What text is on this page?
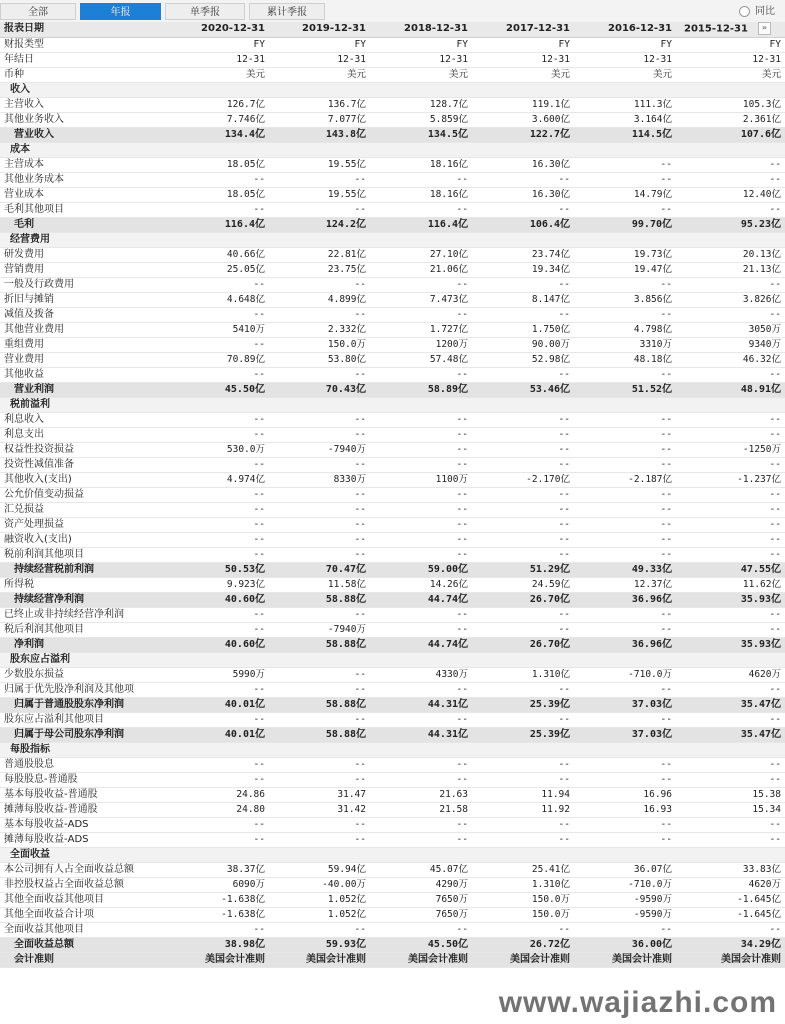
全部	年报	单季报	累计季报	同比
报表日期	2020-12-31	2019-12-31	2018-12-31	2017-12-31	2016-12-31	2015-12-31 »
财报类型	FY	FY	FY	FY	FY	FY
年结日	12-31	12-31	12-31	12-31	12-31	12-31
币种	美元	美元	美元	美元	美元	美元
收入						
主营收入	126.7亿	136.7亿	128.7亿	119.1亿	111.3亿	105.3亿
其他业务收入	7.746亿	7.077亿	5.859亿	3.600亿	3.164亿	2.361亿
营业收入	134.4亿	143.8亿	134.5亿	122.7亿	114.5亿	107.6亿
成本						
主营成本	18.05亿	19.55亿	18.16亿	16.30亿	--	--
其他业务成本	--	--	--	--	--	--
营业成本	18.05亿	19.55亿	18.16亿	16.30亿	14.79亿	12.40亿
毛利其他项目	--	--	--	--	--	--
毛利	116.4亿	124.2亿	116.4亿	106.4亿	99.70亿	95.23亿
经营费用						
研发费用	40.66亿	22.81亿	27.10亿	23.74亿	19.73亿	20.13亿
营销费用	25.05亿	23.75亿	21.06亿	19.34亿	19.47亿	21.13亿
一般及行政费用	--	--	--	--	--	--
折旧与摊销	4.648亿	4.899亿	7.473亿	8.147亿	3.856亿	3.826亿
减值及拨备	--	--	--	--	--	--
其他营业费用	5410万	2.332亿	1.727亿	1.750亿	4.798亿	3050万
重组费用	--	150.0万	1200万	90.00万	3310万	9340万
营业费用	70.89亿	53.80亿	57.48亿	52.98亿	48.18亿	46.32亿
其他收益	--	--	--	--	--	--
营业利润	45.50亿	70.43亿	58.89亿	53.46亿	51.52亿	48.91亿
税前溢利						
利息收入	--	--	--	--	--	--
利息支出	--	--	--	--	--	--
权益性投资损益	530.0万	-7940万	--	--	--	-1250万
投资性减值准备	--	--	--	--	--	--
其他收入(支出)	4.974亿	8330万	1100万	-2.170亿	-2.187亿	-1.237亿
公允价值变动损益	--	--	--	--	--	--
汇兑损益	--	--	--	--	--	--
资产处理损益	--	--	--	--	--	--
融资收入(支出)	--	--	--	--	--	--
税前利润其他项目	--	--	--	--	--	--
持续经营税前利润	50.53亿	70.47亿	59.00亿	51.29亿	49.33亿	47.55亿
所得税	9.923亿	11.58亿	14.26亿	24.59亿	12.37亿	11.62亿
持续经营净利润	40.60亿	58.88亿	44.74亿	26.70亿	36.96亿	35.93亿
已终止或非持续经营净利润	--	--	--	--	--	--
税后利润其他项目	--	-7940万	--	--	--	--
净利润	40.60亿	58.88亿	44.74亿	26.70亿	36.96亿	35.93亿
股东应占溢利						
少数股东损益	5990万	--	4330万	1.310亿	-710.0万	4620万
归属于优先股净利润及其他项	--	--	--	--	--	--
归属于普通股股东净利润	40.01亿	58.88亿	44.31亿	25.39亿	37.03亿	35.47亿
股东应占溢利其他项目	--	--	--	--	--	--
归属于母公司股东净利润	40.01亿	58.88亿	44.31亿	25.39亿	37.03亿	35.47亿
每股指标						
普通股股息	--	--	--	--	--	--
每股股息-普通股	--	--	--	--	--	--
基本每股收益-普通股	24.86	31.47	21.63	11.94	16.96	15.38
摊薄每股收益-普通股	24.80	31.42	21.58	11.92	16.93	15.34
基本每股收益-ADS	--	--	--	--	--	--
摊薄每股收益-ADS	--	--	--	--	--	--
全面收益						
本公司拥有人占全面收益总额	38.37亿	59.94亿	45.07亿	25.41亿	36.07亿	33.83亿
非控股权益占全面收益总额	6090万	-40.00万	4290万	1.310亿	-710.0万	4620万
其他全面收益其他项目	-1.638亿	1.052亿	7650万	150.0万	-9590万	-1.645亿
其他全面收益合计项	-1.638亿	1.052亿	7650万	150.0万	-9590万	-1.645亿
全面收益其他项目	--	--	--	--	--	--
全面收益总额	38.98亿	59.93亿	45.50亿	26.72亿	36.00亿	34.29亿
会计准则	美国会计准则	美国会计准则	美国会计准则	美国会计准则	美国会计准则	美国会计准则
www.wajiazhi.com
